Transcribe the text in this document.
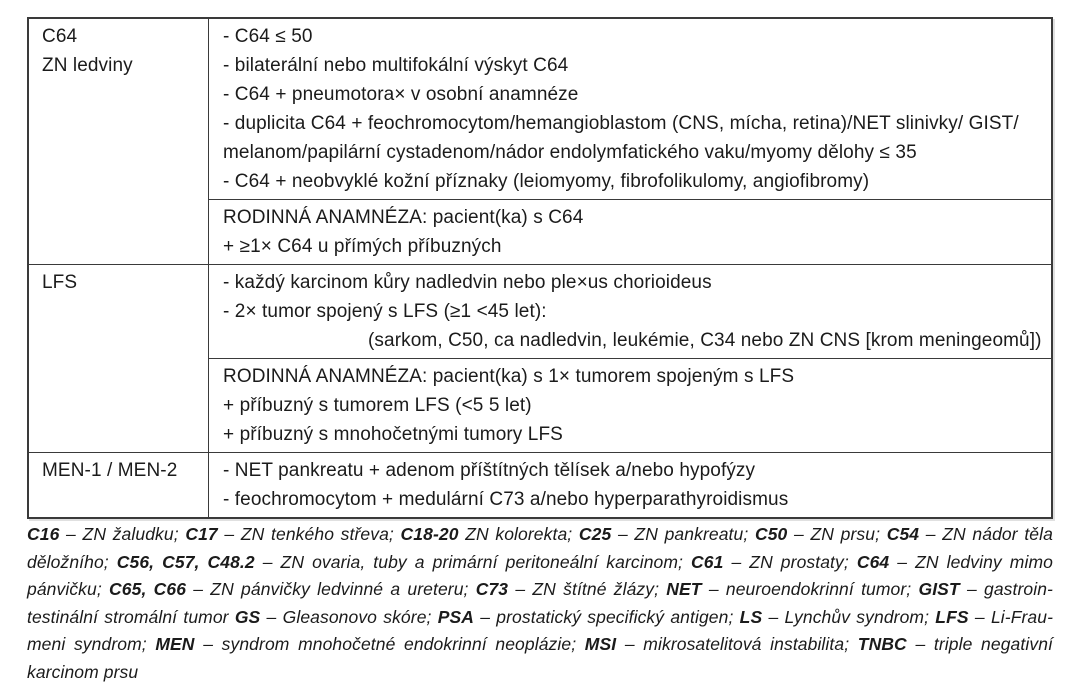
C64
ZN ledviny
- C64 ≤ 50
- bilaterální nebo multifokální výskyt C64
- C64 + pneumotora× v osobní anamnéze
- duplicita C64 + feochromocytom/hemangioblastom (CNS, mícha, retina)/NET slinivky/ GIST/
melanom/papilární cystadenom/nádor endolymfatického vaku/myomy dělohy ≤ 35
- C64 + neobvyklé kožní příznaky (leiomyomy, fibrofolikulomy, angiofibromy)
RODINNÁ ANAMNÉZA: pacient(ka) s C64
+ ≥1× C64 u přímých příbuzných
LFS	- každý karcinom kůry nadledvin nebo ple×us chorioideus
- 2× tumor spojený s LFS (≥1 <45 let):
(sarkom, C50, ca nadledvin, leukémie, C34 nebo ZN CNS [krom meningeomů])
RODINNÁ ANAMNÉZA: pacient(ka) s 1× tumorem spojeným s LFS
+ příbuzný s tumorem LFS (<5 5 let)
+ příbuzný s mnohočetnými tumory LFS
MEN-1 / MEN-2	- NET pankreatu + adenom příštítných tělísek a/nebo hypofýzy
- feochromocytom + medulární C73 a/nebo hyperparathyroidismus
C16 – ZN žaludku; C17 – ZN tenkého střeva; C18-20 ZN kolorekta; C25 – ZN pankreatu; C50 – ZN prsu; C54 – ZN nádor těla
děložního; C56, C57, C48.2 – ZN ovaria, tuby a primární peritoneální karcinom; C61 – ZN prostaty; C64 – ZN ledviny mimo
pánvičku; C65, C66 – ZN pánvičky ledvinné a ureteru; C73 – ZN štítné žlázy; NET – neuroendokrinní tumor; GIST – gastroin-
testinální stromální tumor GS – Gleasonovo skóre; PSA – prostatický specifický antigen; LS – Lynchův syndrom; LFS – Li-Frau-
meni syndrom; MEN – syndrom mnohočetné endokrinní neoplázie; MSI – mikrosatelitová instabilita; TNBC – triple negativní
karcinom prsu
